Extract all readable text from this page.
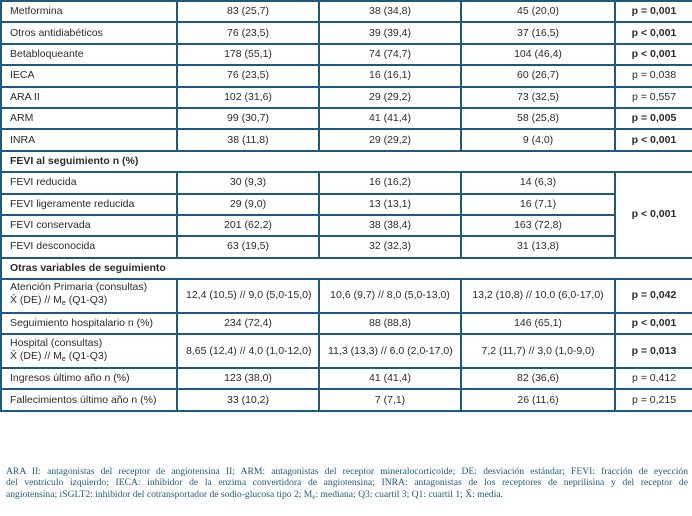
Metformina	83 (25,7)	38 (34,8)	45 (20,0)	p = 0,001
Otros antidiabéticos	76 (23,5)	39 (39,4)	37 (16,5)	p < 0,001
Betabloqueante	178 (55,1)	74 (74,7)	104 (46,4)	p < 0,001
IECA	76 (23,5)	16 (16,1)	60 (26,7)	p = 0,038
ARA II	102 (31,6)	29 (29,2)	73 (32,5)	p = 0,557
ARM	99 (30,7)	41 (41,4)	58 (25,8)	p = 0,005
INRA	38 (11,8)	29 (29,2)	9 (4,0)	p < 0,001
FEVI al seguimiento n (%)				
FEVI reducida	30 (9,3)	16 (16,2)	14 (6,3)	p < 0,001
FEVI ligeramente reducida	29 (9,0)	13 (13,1)	16 (7,1)	
FEVI conservada	201 (62,2)	38 (38,4)	163 (72,8)	
FEVI desconocida	63 (19,5)	32 (32,3)	31 (13,8)	
Otras variables de seguimiento				
Atención Primaria (consultas)
X̄ $(DE) // M_e$ (Q1-Q3)	12,4 (10,5) // 9,0 (5,0-15,0)	10,6 (9,7) // 8,0 (5,0-13,0)	13,2 (10,8) // 10,0 (6,0-17,0)	p = 0,042
Seguimiento hospitalario n (%)	234 (72,4)	88 (88,8)	146 (65,1)	p < 0,001
Hospital (consultas)
X̄ $(DE) // M_e$ (Q1-Q3)	8,65 (12,4) // 4,0 (1,0-12,0)	11,3 (13,3) // 6,0 (2,0-17,0)	7,2 (11,7) // 3,0 (1,0-9,0)	p = 0,013
Ingresos último año n (%)	123 (38,0)	41 (41,4)	82 (36,6)	p = 0,412
Fallecimientos último año n (%)	33 (10,2)	7 (7,1)	26 (11,6)	p = 0,215
ARA II: antagonistas del receptor de angiotensina II; ARM: antagonistas del receptor mineralocorticoide; DE: desviación estándar; FEVI: fracción de eyección
del ventrículo izquierdo; IECA: inhibidor de la enzima convertidora de angiotensina; INRA: antagonistas de los receptores de neprilisina y del receptor de
angiotensina; iSGLT2: inhibidor del cotransportador de sodio-glucosa tipo 2; $M_e$: mediana; Q3: cuartil 3; Q1: cuartil 1; X̄: media.
